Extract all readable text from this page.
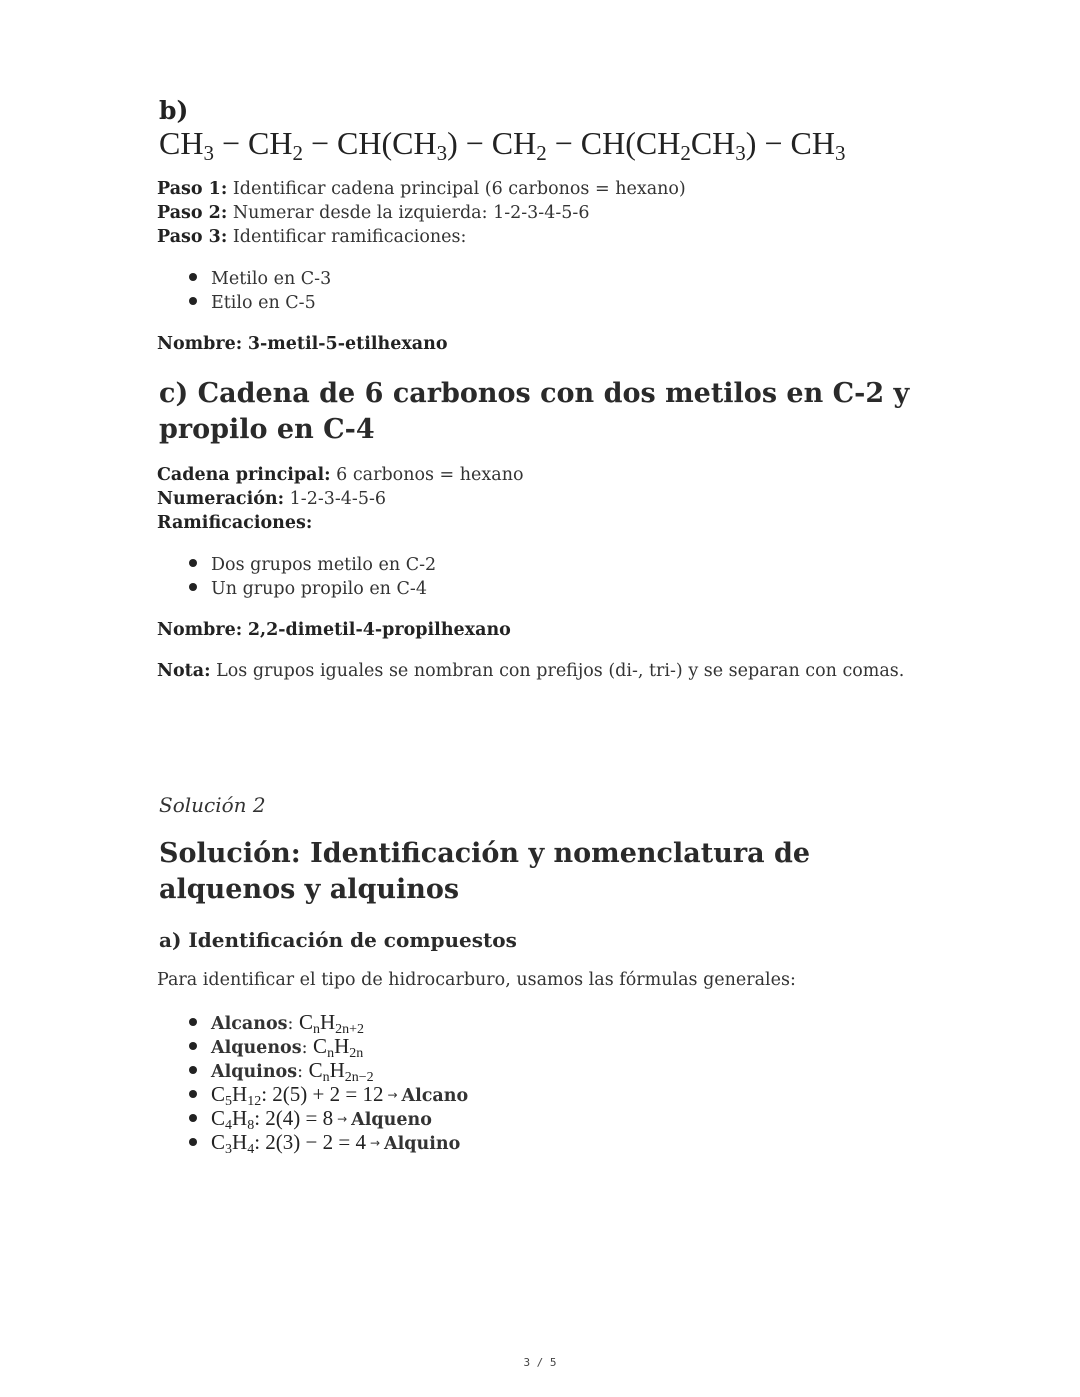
b)
$CH_3 - CH_2 - CH(CH_3) - CH_2 - CH(CH_2CH_3) - CH_3$
Paso 1: Identificar cadena principal (6 carbonos = hexano)
Paso 2: Numerar desde la izquierda: 1-2-3-4-5-6
Paso 3: Identificar ramificaciones:
Metilo en C-3
Etilo en C-5
Nombre: 3-metil-5-etilhexano
c) Cadena de 6 carbonos con dos metilos en C-2 y propilo en C-4
Cadena principal: 6 carbonos = hexano
Numeración: 1-2-3-4-5-6
Ramificaciones:
Dos grupos metilo en C-2
Un grupo propilo en C-4
Nombre: 2,2-dimetil-4-propilhexano
Nota: Los grupos iguales se nombran con prefijos (di-, tri-) y se separan con comas.
Solución 2
Solución: Identificación y nomenclatura de alquenos y alquinos
a) Identificación de compuestos
Para identificar el tipo de hidrocarburo, usamos las fórmulas generales:
Alcanos: $C_nH_{2n+2}$
Alquenos: $C_nH_{2n}$
Alquinos: $C_nH_{2n-2}$
$C_5H_{12}$: 2(5) + 2 = 12 → Alcano
$C_4H_8$: 2(4) = 8 → Alqueno
$C_3H_4$: 2(3) − 2 = 4 → Alquino
3 / 5
